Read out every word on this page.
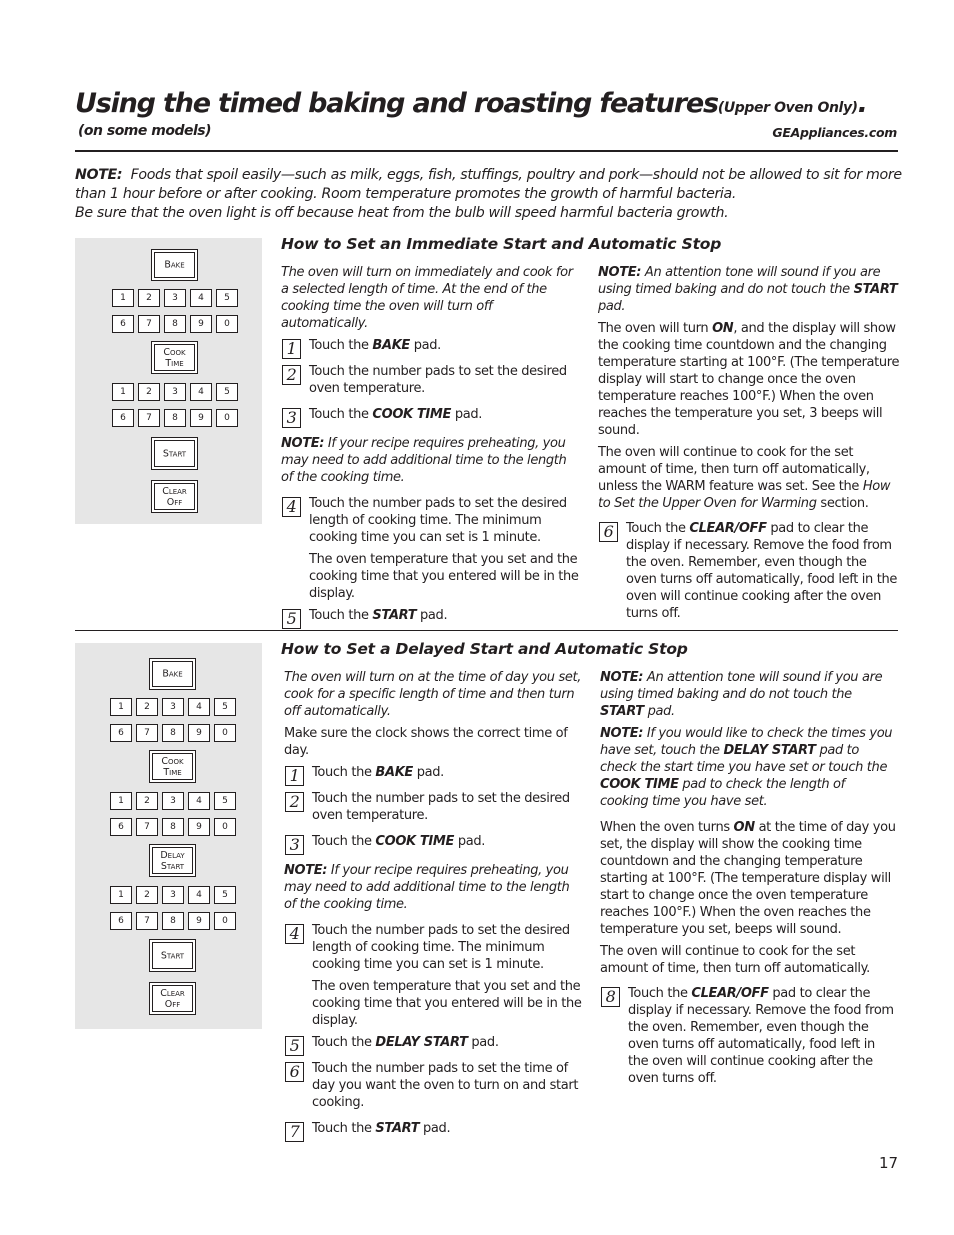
Using the timed baking and roasting features(Upper Oven Only).
(on some models)	GEAppliances.com
NOTE: Foods that spoil easily—such as milk, eggs, fish, stuffings, poultry and pork—should not be allowed to sit for more than 1 hour before or after cooking. Room temperature promotes the growth of harmful bacteria.
Be sure that the oven light is off because heat from the bulb will speed harmful bacteria growth.
Bake
1	2	3	4	5
6	7	8	9	0
Cook
Time
1	2	3	4	5
6	7	8	9	0
Start
Clear
Off
How to Set an Immediate Start and Automatic Stop

The oven will turn on immediately and cook for a selected length of time. At the end of the cooking time the oven will turn off automatically.

1 Touch the BAKE pad.
2 Touch the number pads to set the desired oven temperature.
3 Touch the COOK TIME pad.

NOTE: If your recipe requires preheating, you may need to add additional time to the length of the cooking time.

4 Touch the number pads to set the desired length of cooking time. The minimum cooking time you can set is 1 minute.

The oven temperature that you set and the cooking time that you entered will be in the display.

5 Touch the START pad.

NOTE: An attention tone will sound if you are using timed baking and do not touch the START pad.

The oven will turn ON, and the display will show the cooking time countdown and the changing temperature starting at 100°F. (The temperature display will start to change once the oven temperature reaches 100°F.) When the oven reaches the temperature you set, 3 beeps will sound.

The oven will continue to cook for the set amount of time, then turn off automatically, unless the WARM feature was set. See the How to Set the Upper Oven for Warming section.

6 Touch the CLEAR/OFF pad to clear the display if necessary. Remove the food from the oven. Remember, even though the oven turns off automatically, food left in the oven will continue cooking after the oven turns off.
Bake
1	2	3	4	5
6	7	8	9	0
Cook
Time
1	2	3	4	5
6	7	8	9	0
Delay
Start
1	2	3	4	5
6	7	8	9	0
Start
Clear
Off
How to Set a Delayed Start and Automatic Stop

The oven will turn on at the time of day you set, cook for a specific length of time and then turn off automatically.

Make sure the clock shows the correct time of day.

1 Touch the BAKE pad.
2 Touch the number pads to set the desired oven temperature.
3 Touch the COOK TIME pad.

NOTE: If your recipe requires preheating, you may need to add additional time to the length of the cooking time.

4 Touch the number pads to set the desired length of cooking time. The minimum cooking time you can set is 1 minute.

The oven temperature that you set and the cooking time that you entered will be in the display.

5 Touch the DELAY START pad.
6 Touch the number pads to set the time of day you want the oven to turn on and start cooking.
7 Touch the START pad.

NOTE: An attention tone will sound if you are using timed baking and do not touch the START pad.

NOTE: If you would like to check the times you have set, touch the DELAY START pad to check the start time you have set or touch the COOK TIME pad to check the length of cooking time you have set.

When the oven turns ON at the time of day you set, the display will show the cooking time countdown and the changing temperature starting at 100°F. (The temperature display will start to change once the oven temperature reaches 100°F.) When the oven reaches the temperature you set, beeps will sound.

The oven will continue to cook for the set amount of time, then turn off automatically.

8 Touch the CLEAR/OFF pad to clear the display if necessary. Remove the food from the oven. Remember, even though the oven turns off automatically, food left in the oven will continue cooking after the oven turns off.
17
